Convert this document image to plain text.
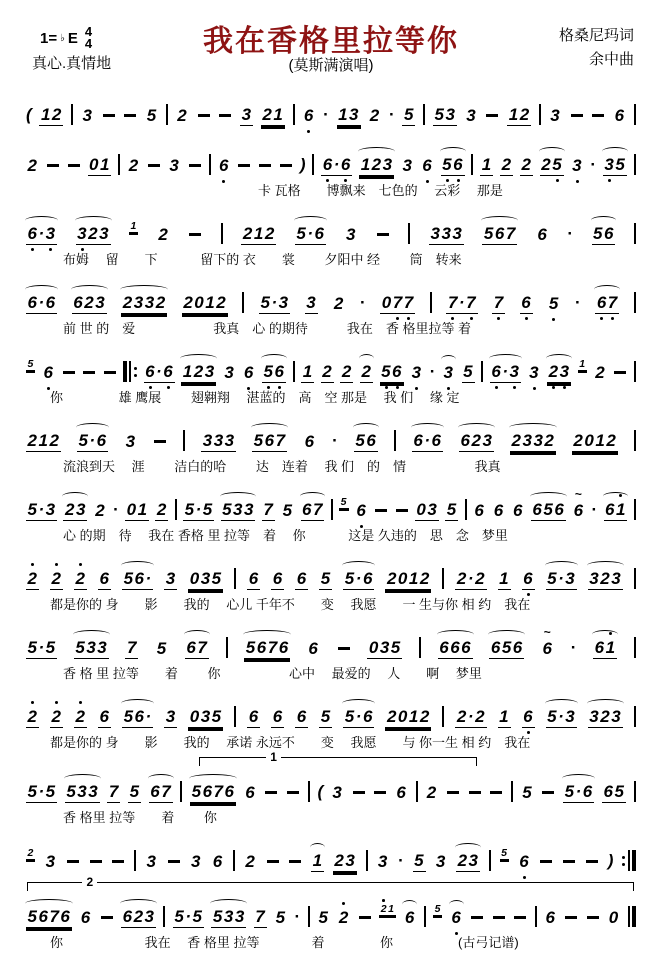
1= ♭ E 4
4
真心.真情地
我在香格里拉等你
(莫斯满演唱)
格桑尼玛词
余中曲
( 1 2 3	5 2	3 2 1 6 · 1 3 2 · 5 5 3 3 1 2 3	6
2	0 1 2 3 6	) 6 · 6 1 2 3 3 6 5 6 1 2 2 2 5 3 · 3 5
　　　　　　　　　　　　　　　　　　卡 瓦格　　博飘来　七色的　 云彩　 那是
6 · 3 3 2 3 1 2	2 1 2 5 · 6 3	3 3 3 5 6 7 6 · 5 6
　　　布姆　 留　　下　　　 留下的 衣　　裳　　 夕阳中 经　　 筒　转来
6 · 6 6 2 3 2 3 3 2 2 0 1 2 5 · 3 3 2 · 0 7 7 7 · 7 7 6 5 · 6 7
　　　前 世 的　爱　　　　　　我真　心 的期待　　　我在　香 格里拉等 着
5 6	6 · 6 1 2 3 3 6 5 6 1 2 2 2 5 6 3 · 3 5 6 · 3 3 2 3 1 2
　　你　　　　 雄 鹰展　　 翅翱翔　 湛蓝的　高　空 那是　 我 们　 缘 定
2 1 2 5 · 6 3	3 3 3 5 6 7 6 · 5 6 6 · 6 6 2 3 2 3 3 2 2 0 1 2
　　　流浪到天　 涯　　 洁白的哈　　 达　连着　 我 们　的　情　　　　　 我真
5 · 3 2 3 2 · 0 1 2 5 · 5 5 3 3 7 5 6 7 5 6	0 3 5 6 6 6 6 5 6 6
~
· 6 1
　　　心 的期　待　 我在 香格 里 拉等　着　 你　　　 这是 久违的　思　念　梦里
2 2 2 6 5 6 · 3 0 3 5 6 6 6 5 5 · 6 2 0 1 2 2 · 2 1 6 5 · 3 3 2 3
　　都是你的 身　　影　　我的　 心儿 千年不　　变　 我愿　　一 生与你 相 约　我在
5 · 5 5 3 3 7 5 6 7 5 6 7 6 6	0 3 5 6 6 6 6 5 6 6
~
· 6 1
　　　香 格 里 拉等　　着　　 你　　　　　 心中　 最爱的　 人　　啊　 梦里
2 2 2 6 5 6 · 3 0 3 5 6 6 6 5 5 · 6 2 0 1 2 2 · 2 1 6 5 · 3 3 2 3
　　都是你的 身　　影　　我的　 承诺 永远不　　变　 我愿　　与 你一生 相 约　我在
1
5 · 5 5 3 3 7 5 6 7 5 6 7 6 6	( 3	6 2	5 5 · 6 6 5
　　　香 格里 拉等　　着　　 你
2 3	3 3 6 2	1 2 3 3 · 5 3 2 3 5 6	)
2
5 6 7 6 6 6 2 3 5 · 5 5 3 3 7 5 · 5 2	2 1 6 5 6	6	0
　　你　　　　　　 我在　 香 格里 拉等　　　　着　　　　 你　　　　　(古弓记谱)
